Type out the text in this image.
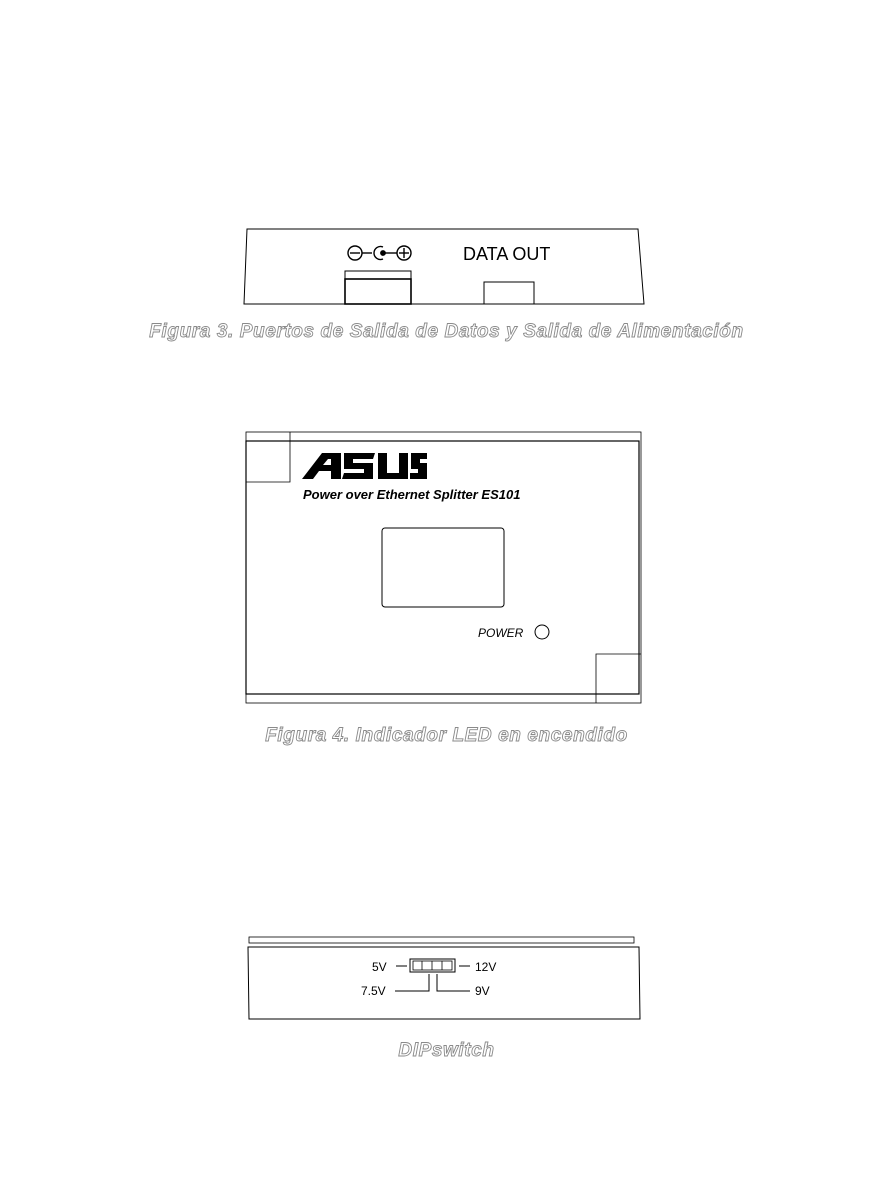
DATA OUT
Figura 3. Puertos de Salida de Datos y Salida de Alimentación
ASUS
Power over Ethernet Splitter ES101
POWER
Figura 4. Indicador LED en encendido
5V	12V
7.5V	9V
DIPswitch
